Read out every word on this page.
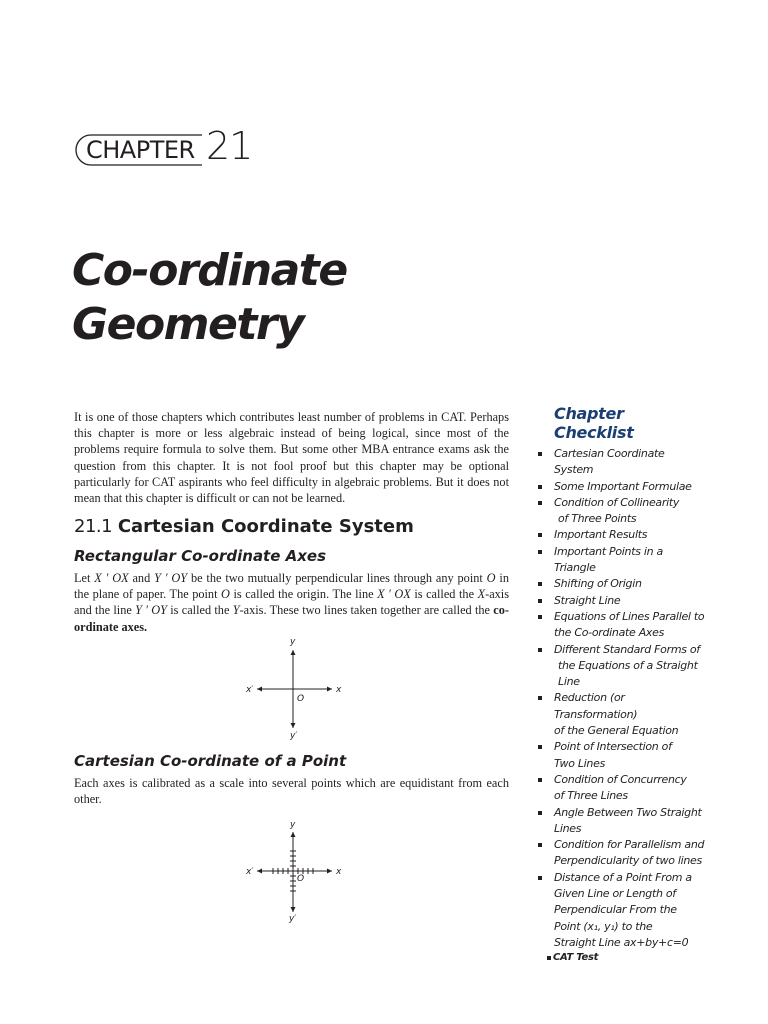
CHAPTER 21
Co-ordinate
Geometry
It is one of those chapters which contributes least number of problems in CAT. Perhaps this chapter is more or less algebraic instead of being logical, since most of the problems require formula to solve them. But some other MBA entrance exams ask the question from this chapter. It is not fool proof but this chapter may be optional particularly for CAT aspirants who feel difficulty in algebraic problems. But it does not mean that this chapter is difficult or can not be learned.
21.1 Cartesian Coordinate System
Rectangular Co-ordinate Axes
Let X ′ OX and Y ′ OY be the two mutually perpendicular lines through any point O in the plane of paper. The point O is called the origin. The line X ′ OX is called the X-axis and the line Y ′ OY is called the Y-axis. These two lines taken together are called the co-ordinate axes.
y
x
x′
y′
O
Cartesian Co-ordinate of a Point
Each axes is calibrated as a scale into several points which are equidistant from each other.
y
x
x′
y′
O
Chapter Checklist
Cartesian Coordinate System
Some Important Formulae
Condition of Collinearity
of Three Points
Important Results
Important Points in a
Triangle
Shifting of Origin
Straight Line
Equations of Lines Parallel to
the Co-ordinate Axes
Different Standard Forms of
the Equations of a Straight
Line
Reduction (or Transformation)
of the General Equation
Point of Intersection of
Two Lines
Condition of Concurrency
of Three Lines
Angle Between Two Straight
Lines
Condition for Parallelism and
Perpendicularity of two lines
Distance of a Point From a
Given Line or Length of
Perpendicular From the
Point (x₁, y₁) to the
Straight Line ax+by+c=0
CAT Test
